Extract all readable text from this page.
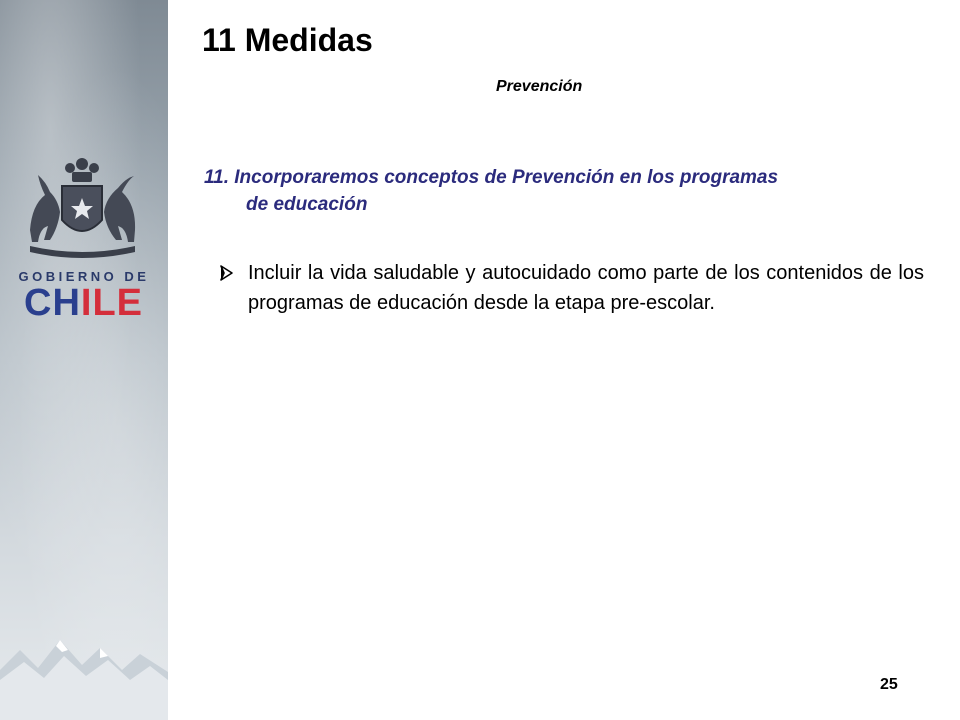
GOBIERNO DE
CHILE
11 Medidas
Prevención
11. Incorporaremos conceptos de Prevención en los programas
de educación
Incluir la vida saludable y autocuidado como parte de los contenidos de los programas de educación desde la etapa pre-escolar.
25
